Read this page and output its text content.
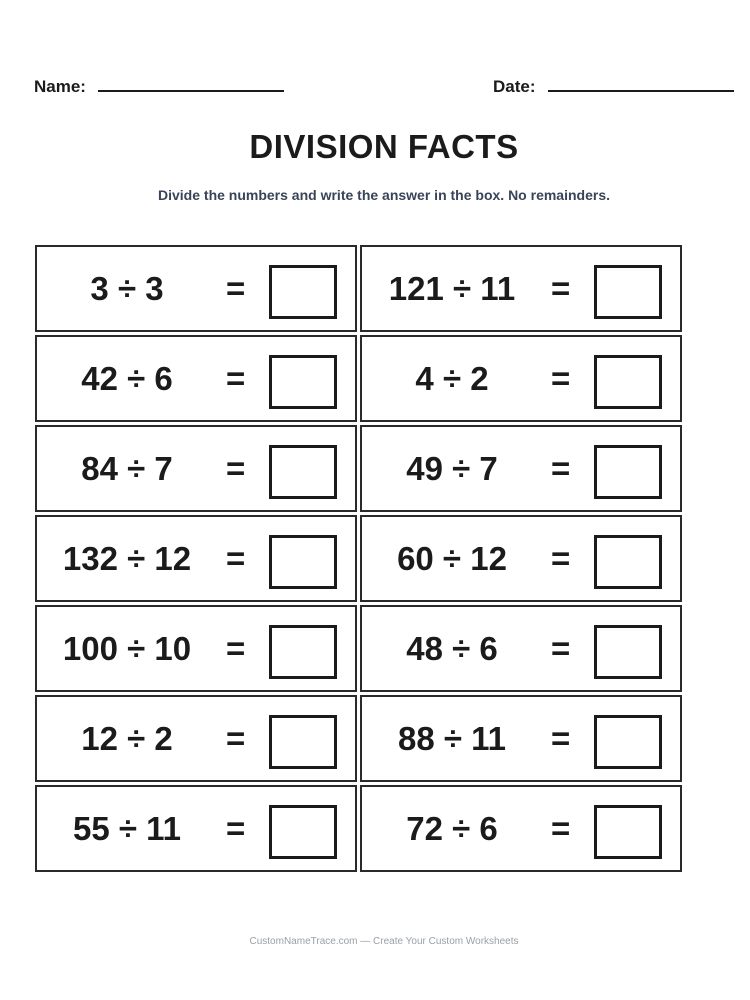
Name:	Date:
DIVISION FACTS
Divide the numbers and write the answer in the box. No remainders.
3 ÷ 3	=	121 ÷ 11	=
42 ÷ 6	=	4 ÷ 2	=
84 ÷ 7	=	49 ÷ 7	=
132 ÷ 12	=	60 ÷ 12	=
100 ÷ 10	=	48 ÷ 6	=
12 ÷ 2	=	88 ÷ 11	=
55 ÷ 11	=	72 ÷ 6	=
CustomNameTrace.com — Create Your Custom Worksheets
